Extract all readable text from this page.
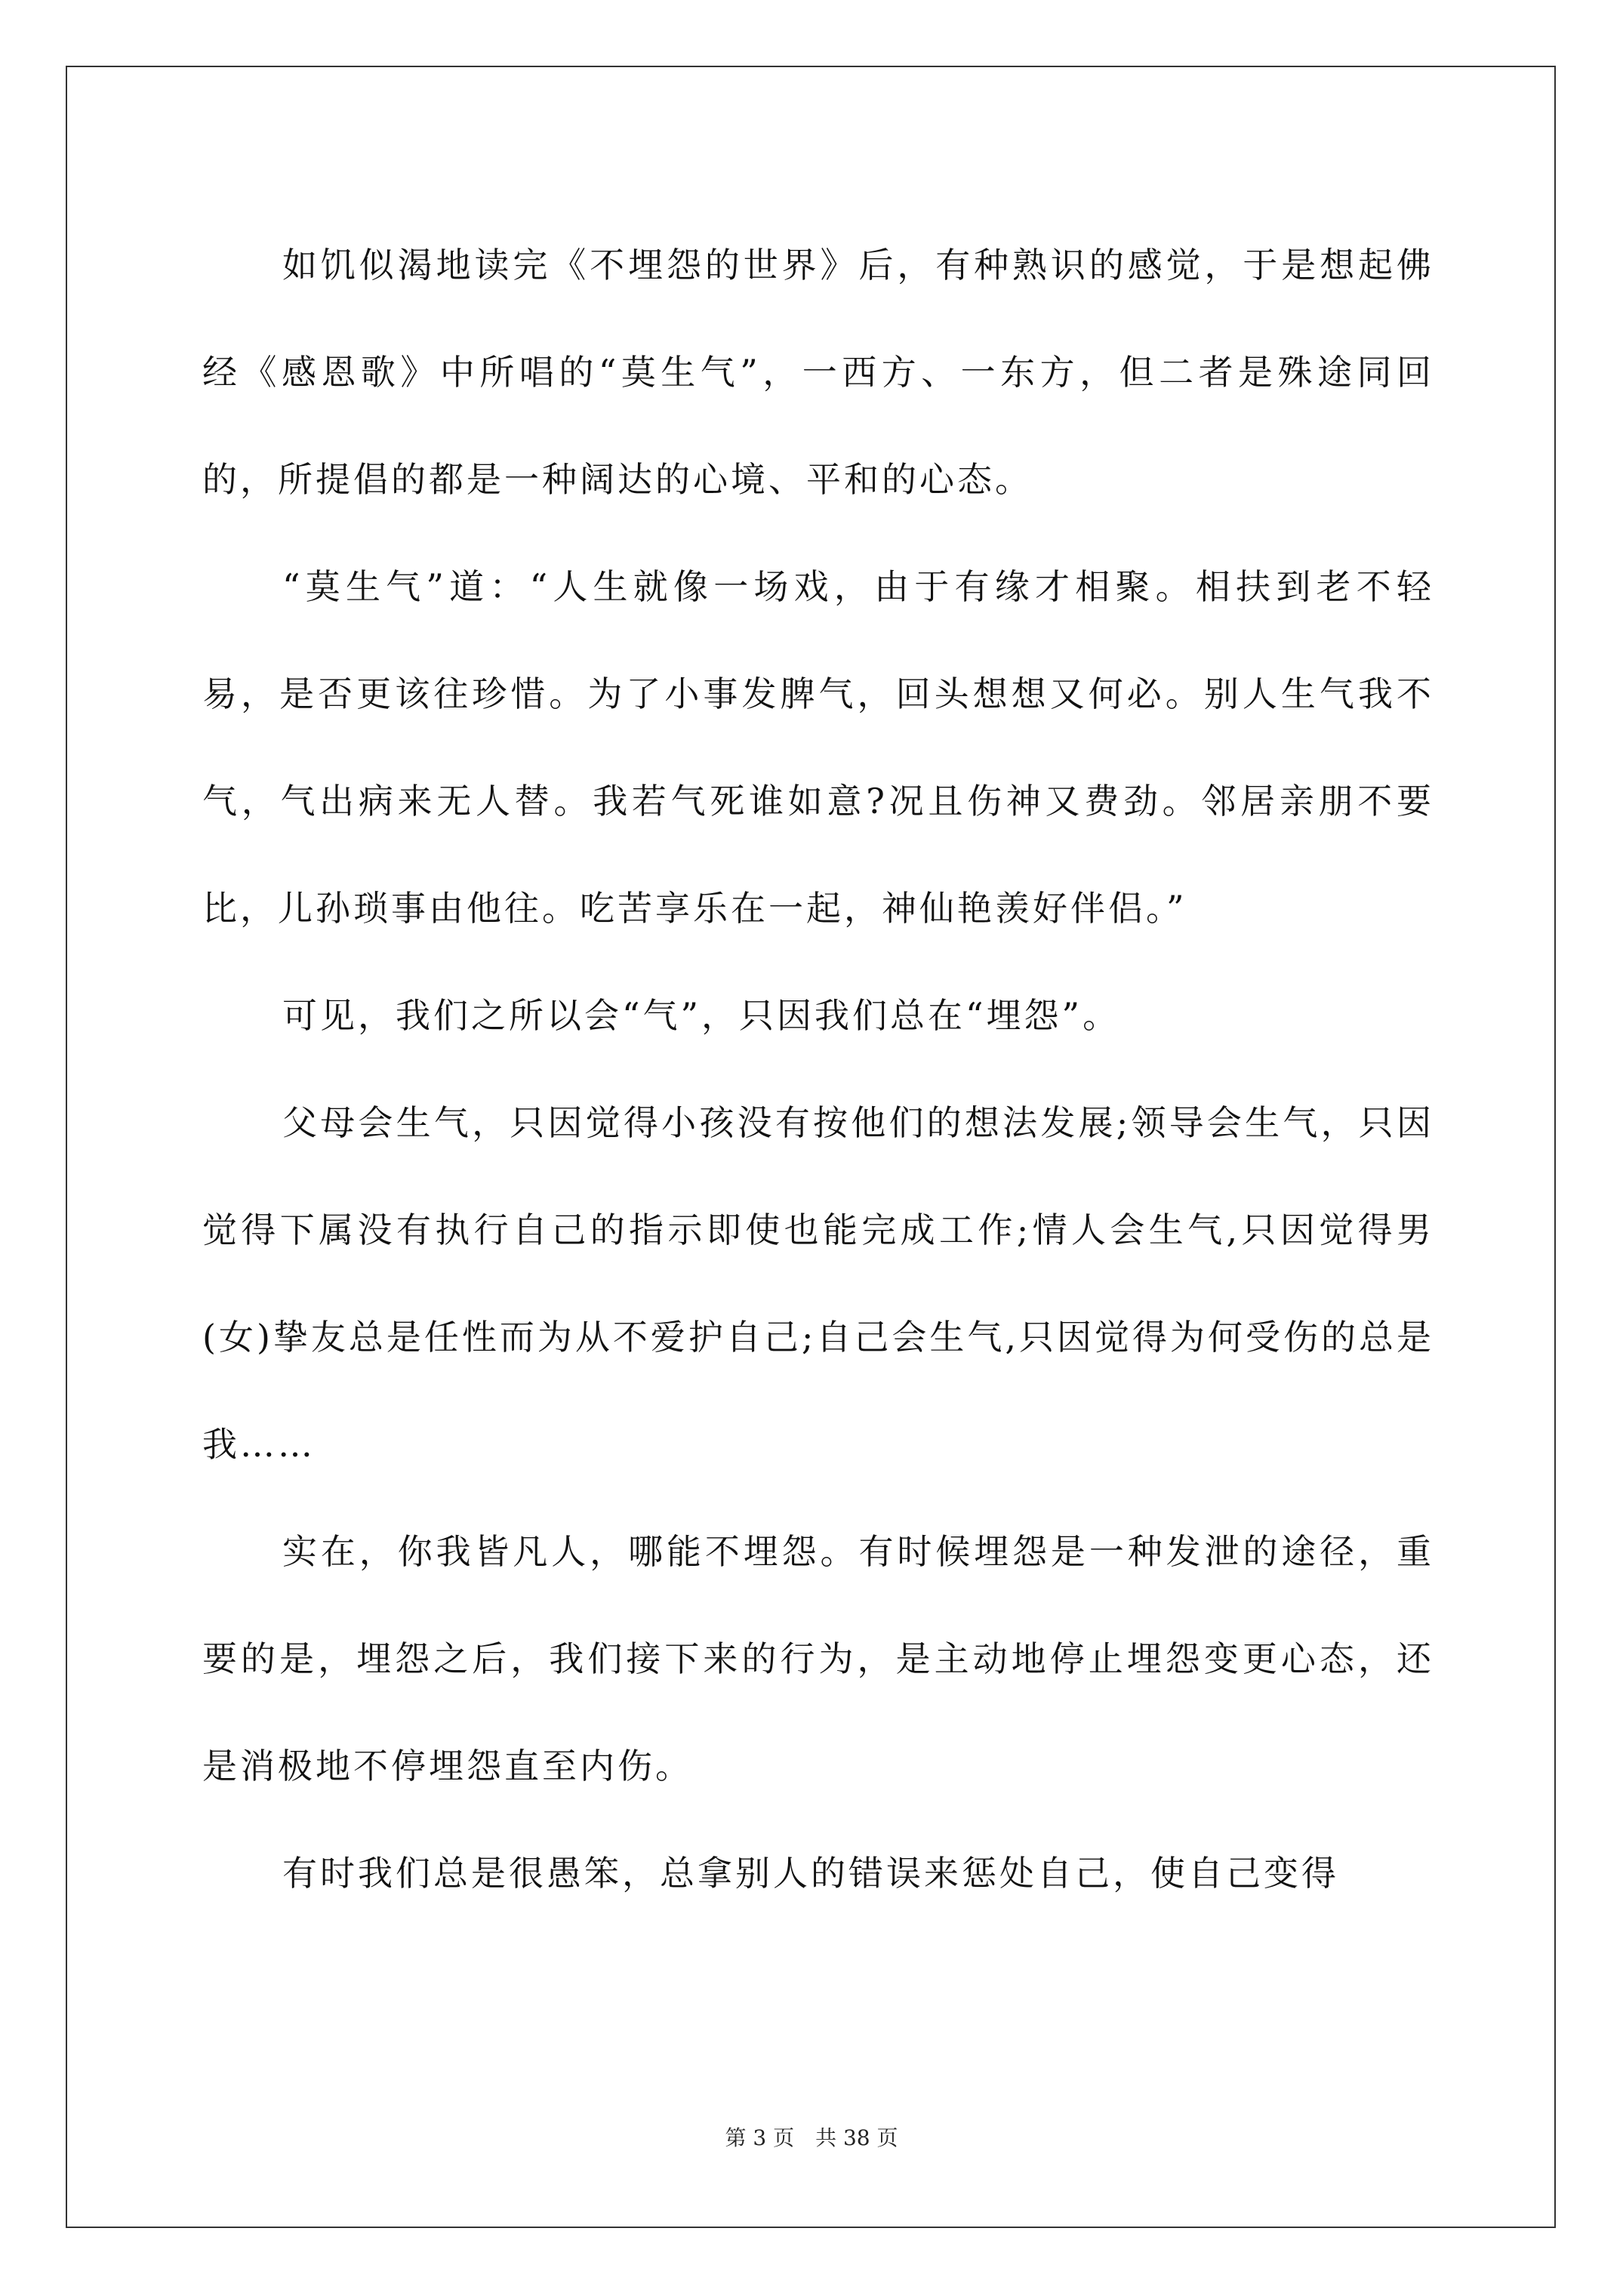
如饥似渴地读完《不埋怨的世界》后，有种熟识的感觉，于是想起佛经《感恩歌》中所唱的“莫生气”，一西方、一东方，但二者是殊途同回的，所提倡的都是一种阔达的心境、平和的心态。

“莫生气”道：“人生就像一场戏，由于有缘才相聚。相扶到老不轻易，是否更该往珍惜。为了小事发脾气，回头想想又何必。别人生气我不气，气出病来无人替。我若气死谁如意?况且伤神又费劲。邻居亲朋不要比，儿孙琐事由他往。吃苦享乐在一起，神仙艳羡好伴侣。”

可见，我们之所以会“气”，只因我们总在“埋怨”。

父母会生气，只因觉得小孩没有按他们的想法发展;领导会生气，只因觉得下属没有执行自己的指示即使也能完成工作;情人会生气,只因觉得男(女)挚友总是任性而为从不爱护自己;自己会生气,只因觉得为何受伤的总是我……

实在，你我皆凡人，哪能不埋怨。有时候埋怨是一种发泄的途径，重要的是，埋怨之后，我们接下来的行为，是主动地停止埋怨变更心态，还是消极地不停埋怨直至内伤。

有时我们总是很愚笨，总拿别人的错误来惩处自己，使自己变得

第 3 页　共 38 页
